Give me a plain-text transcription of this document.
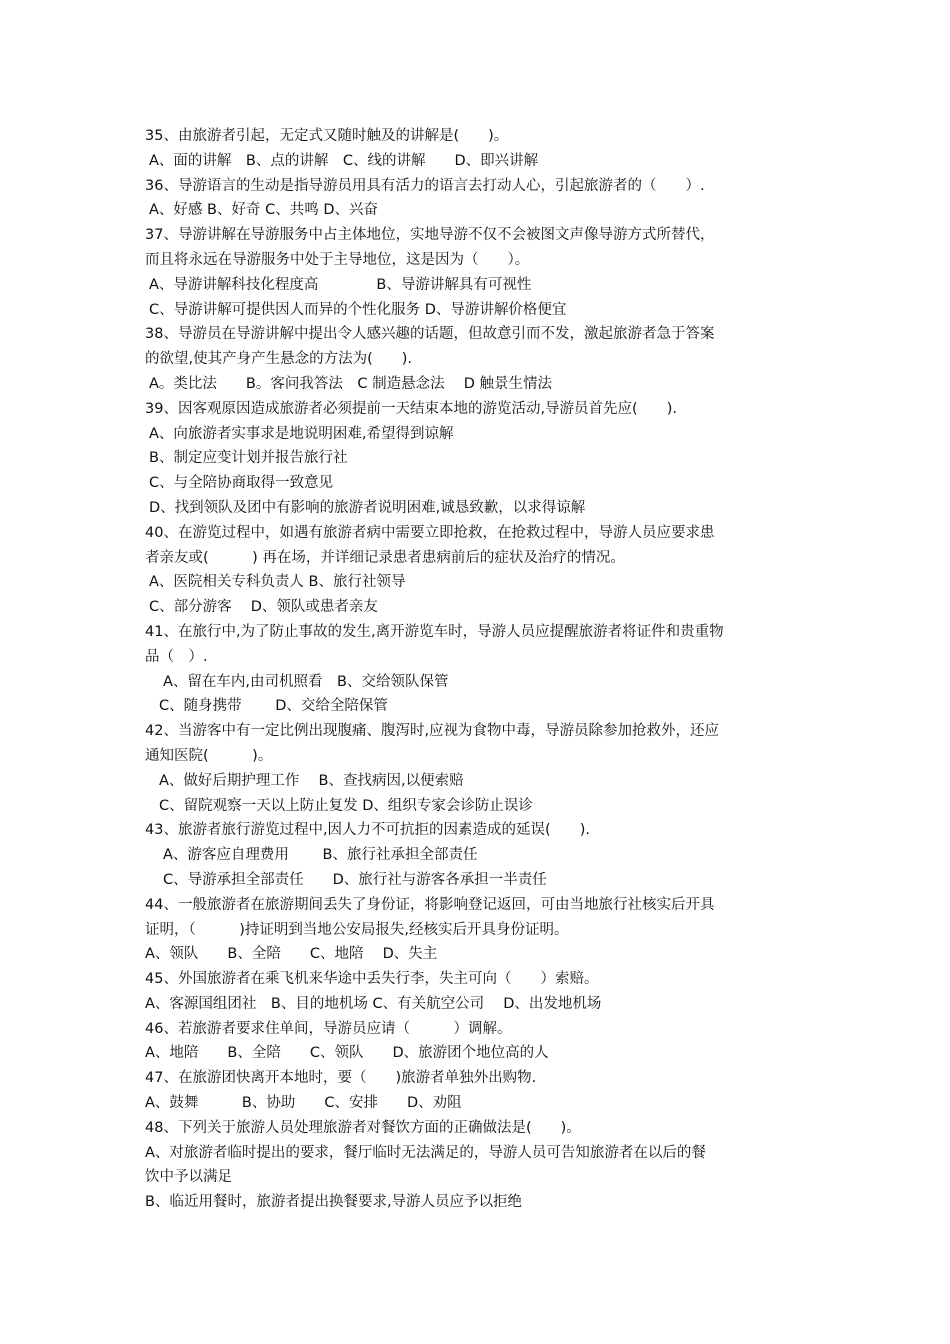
35、由旅游者引起，无定式又随时触及的讲解是(　　)。
A、面的讲解　B、点的讲解　C、线的讲解　　D、即兴讲解
36、导游语言的生动是指导游员用具有活力的语言去打动人心，引起旅游者的（　　）.
A、好感 B、好奇 C、共鸣 D、兴奋
37、导游讲解在导游服务中占主体地位，实地导游不仅不会被图文声像导游方式所替代，
而且将永远在导游服务中处于主导地位，这是因为（　　）。
A、导游讲解科技化程度高　　　　B、导游讲解具有可视性
C、导游讲解可提供因人而异的个性化服务 D、导游讲解价格便宜
38、导游员在导游讲解中提出令人感兴趣的话题，但故意引而不发，激起旅游者急于答案
的欲望,使其产身产生悬念的方法为(　　).
A。类比法　　B。客问我答法　C 制造悬念法　 D 触景生情法
39、因客观原因造成旅游者必须提前一天结束本地的游览活动,导游员首先应(　　).
A、向旅游者实事求是地说明困难,希望得到谅解
B、制定应变计划并报告旅行社
C、与全陪协商取得一致意见
D、找到领队及团中有影响的旅游者说明困难,诚恳致歉，以求得谅解
40、在游览过程中，如遇有旅游者病中需要立即抢救，在抢救过程中，导游人员应要求患
者亲友或(　　　) 再在场，并详细记录患者患病前后的症状及治疗的情况。
A、医院相关专科负责人 B、旅行社领导
C、部分游客　 D、领队或患者亲友
41、在旅行中,为了防止事故的发生,离开游览车时，导游人员应提醒旅游者将证件和贵重物
品（　）.
A、留在车内,由司机照看　B、交给领队保管
C、随身携带　　 D、交给全陪保管
42、当游客中有一定比例出现腹痛、腹泻时,应视为食物中毒，导游员除参加抢救外，还应
通知医院(　　　)。
A、做好后期护理工作　 B、查找病因,以便索赔
C、留院观察一天以上防止复发 D、组织专家会诊防止误诊
43、旅游者旅行游览过程中,因人力不可抗拒的因素造成的延误(　　).
A、游客应自理费用　　 B、旅行社承担全部责任
C、导游承担全部责任　　D、旅行社与游客各承担一半责任
44、一般旅游者在旅游期间丢失了身份证，将影响登记返回，可由当地旅行社核实后开具
证明，（　　　)持证明到当地公安局报失,经核实后开具身份证明。
A、领队　　B、全陪　　C、地陪　 D、失主
45、外国旅游者在乘飞机来华途中丢失行李，失主可向（　　）索赔。
A、客源国组团社　B、目的地机场 C、有关航空公司　 D、出发地机场
46、若旅游者要求住单间，导游员应请（　　　）调解。
A、地陪　　B、全陪　　C、领队　　D、旅游团个地位高的人
47、在旅游团快离开本地时，要（　　)旅游者单独外出购物.
A、鼓舞　　　B、协助　　C、安排　　D、劝阻
48、下列关于旅游人员处理旅游者对餐饮方面的正确做法是(　　)。
A、对旅游者临时提出的要求，餐厅临时无法满足的，导游人员可告知旅游者在以后的餐
饮中予以满足
B、临近用餐时，旅游者提出换餐要求,导游人员应予以拒绝
